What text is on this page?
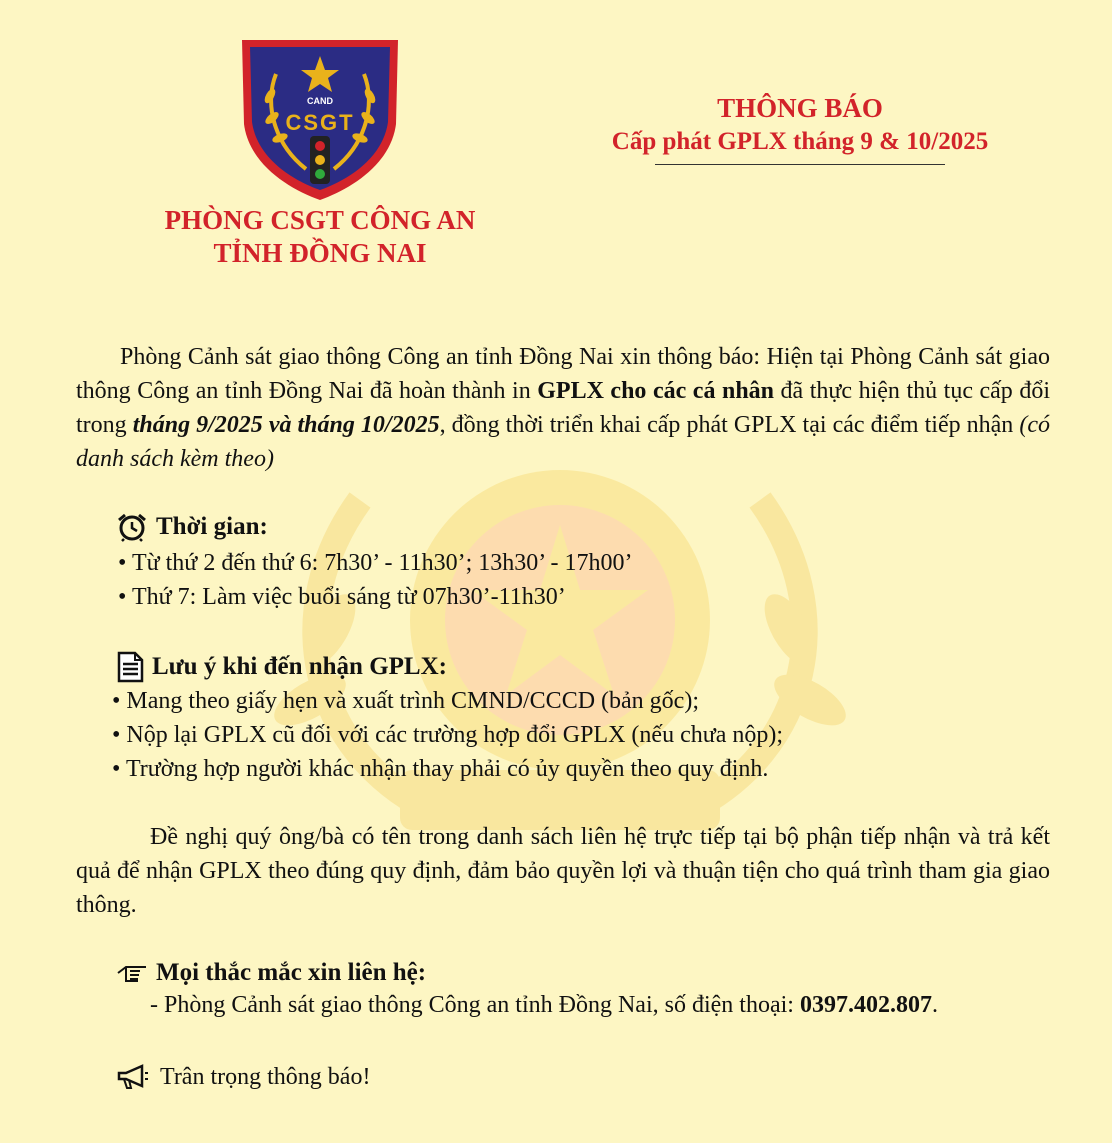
CAND
CSGT
PHÒNG CSGT CÔNG AN
TỈNH ĐỒNG NAI
THÔNG BÁO
Cấp phát GPLX tháng 9 & 10/2025
Phòng Cảnh sát giao thông Công an tỉnh Đồng Nai xin thông báo: Hiện tại Phòng Cảnh sát giao thông Công an tỉnh Đồng Nai đã hoàn thành in GPLX cho các cá nhân đã thực hiện thủ tục cấp đổi trong tháng 9/2025 và tháng 10/2025, đồng thời triển khai cấp phát GPLX tại các điểm tiếp nhận (có danh sách kèm theo)
Thời gian:
• Từ thứ 2 đến thứ 6: 7h30’ - 11h30’; 13h30’ - 17h00’
• Thứ 7: Làm việc buổi sáng từ 07h30’-11h30’
Lưu ý khi đến nhận GPLX:
• Mang theo giấy hẹn và xuất trình CMND/CCCD (bản gốc);
• Nộp lại GPLX cũ đối với các trường hợp đổi GPLX (nếu chưa nộp);
• Trường hợp người khác nhận thay phải có ủy quyền theo quy định.
Đề nghị quý ông/bà có tên trong danh sách liên hệ trực tiếp tại bộ phận tiếp nhận và trả kết quả để nhận GPLX theo đúng quy định, đảm bảo quyền lợi và thuận tiện cho quá trình tham gia giao thông.
Mọi thắc mắc xin liên hệ:
- Phòng Cảnh sát giao thông Công an tỉnh Đồng Nai, số điện thoại: 0397.402.807.
Trân trọng thông báo!
